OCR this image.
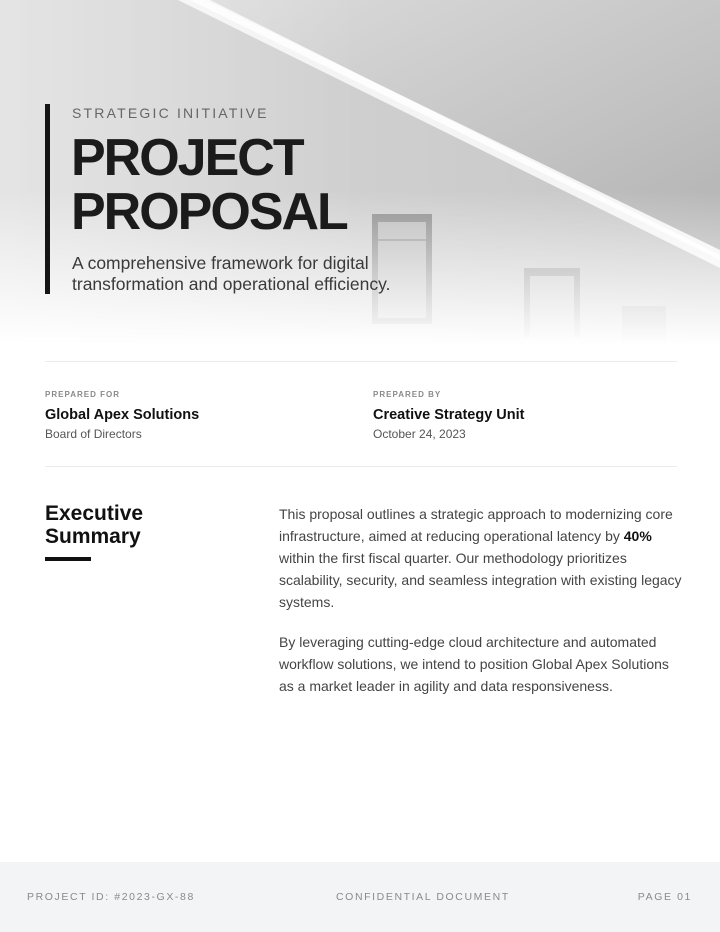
STRATEGIC INITIATIVE
PROJECT
PROPOSAL
A comprehensive framework for digital transformation and operational efficiency.
PREPARED FOR
Global Apex Solutions
Board of Directors
PREPARED BY
Creative Strategy Unit
October 24, 2023
Executive
Summary

This proposal outlines a strategic approach to modernizing core infrastructure, aimed at reducing operational latency by 40% within the first fiscal quarter. Our methodology prioritizes scalability, security, and seamless integration with existing legacy systems.

By leveraging cutting-edge cloud architecture and automated workflow solutions, we intend to position Global Apex Solutions as a market leader in agility and data responsiveness.

PROJECT ID: #2023-GX-88	CONFIDENTIAL DOCUMENT	PAGE 01
